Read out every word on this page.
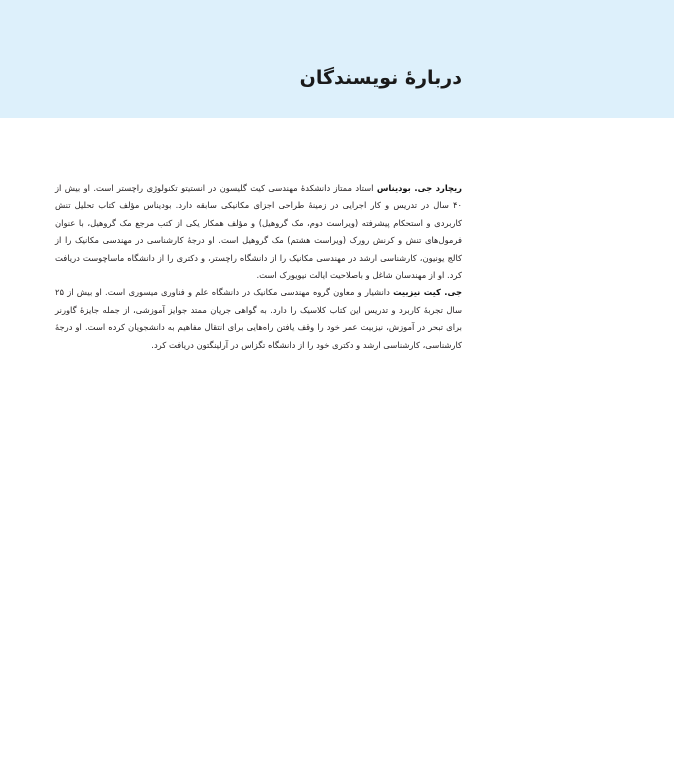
دربارهٔ نویسندگان

ریچارد جی. بودیناس استاد ممتاز دانشکدهٔ مهندسی کیت گلیسون در انستیتو تکنولوژی راچستر است. او بیش از ۴۰ سال در تدریس و کار اجرایی در زمینهٔ طراحی اجزای مکانیکی سابقه دارد. بودیناس مؤلف کتاب تحلیل تنش کاربردی و استحکام پیشرفته (ویراست دوم، مک گروهیل) و مؤلف همکار یکی از کتب مرجع مک گروهیل، با عنوان فرمول‌های تنش و کرنش رورک (ویراست هشتم) مک گروهیل است. او درجهٔ کارشناسی در مهندسی مکانیک را از کالج یونیون، کارشناسی ارشد در مهندسی مکانیک را از دانشگاه راچستر، و دکتری را از دانشگاه ماساچوست دریافت کرد. او از مهندسان شاغل و باصلاحیت ایالت نیویورک است.

جی. کیت نیزبیت دانشیار و معاون گروه مهندسی مکانیک در دانشگاه علم و فناوری میسوری است. او بیش از ۲۵ سال تجربهٔ کاربرد و تدریس این کتاب کلاسیک را دارد. به گواهی جریان ممتد جوایز آموزشی، از جمله جایزهٔ گاورنر برای تبحر در آموزش، نیزبیت عمر خود را وقف یافتن راه‌هایی برای انتقال مفاهیم به دانشجویان کرده است. او درجهٔ کارشناسی، کارشناسی ارشد و دکتری خود را از دانشگاه تگزاس در آرلینگتون دریافت کرد.
